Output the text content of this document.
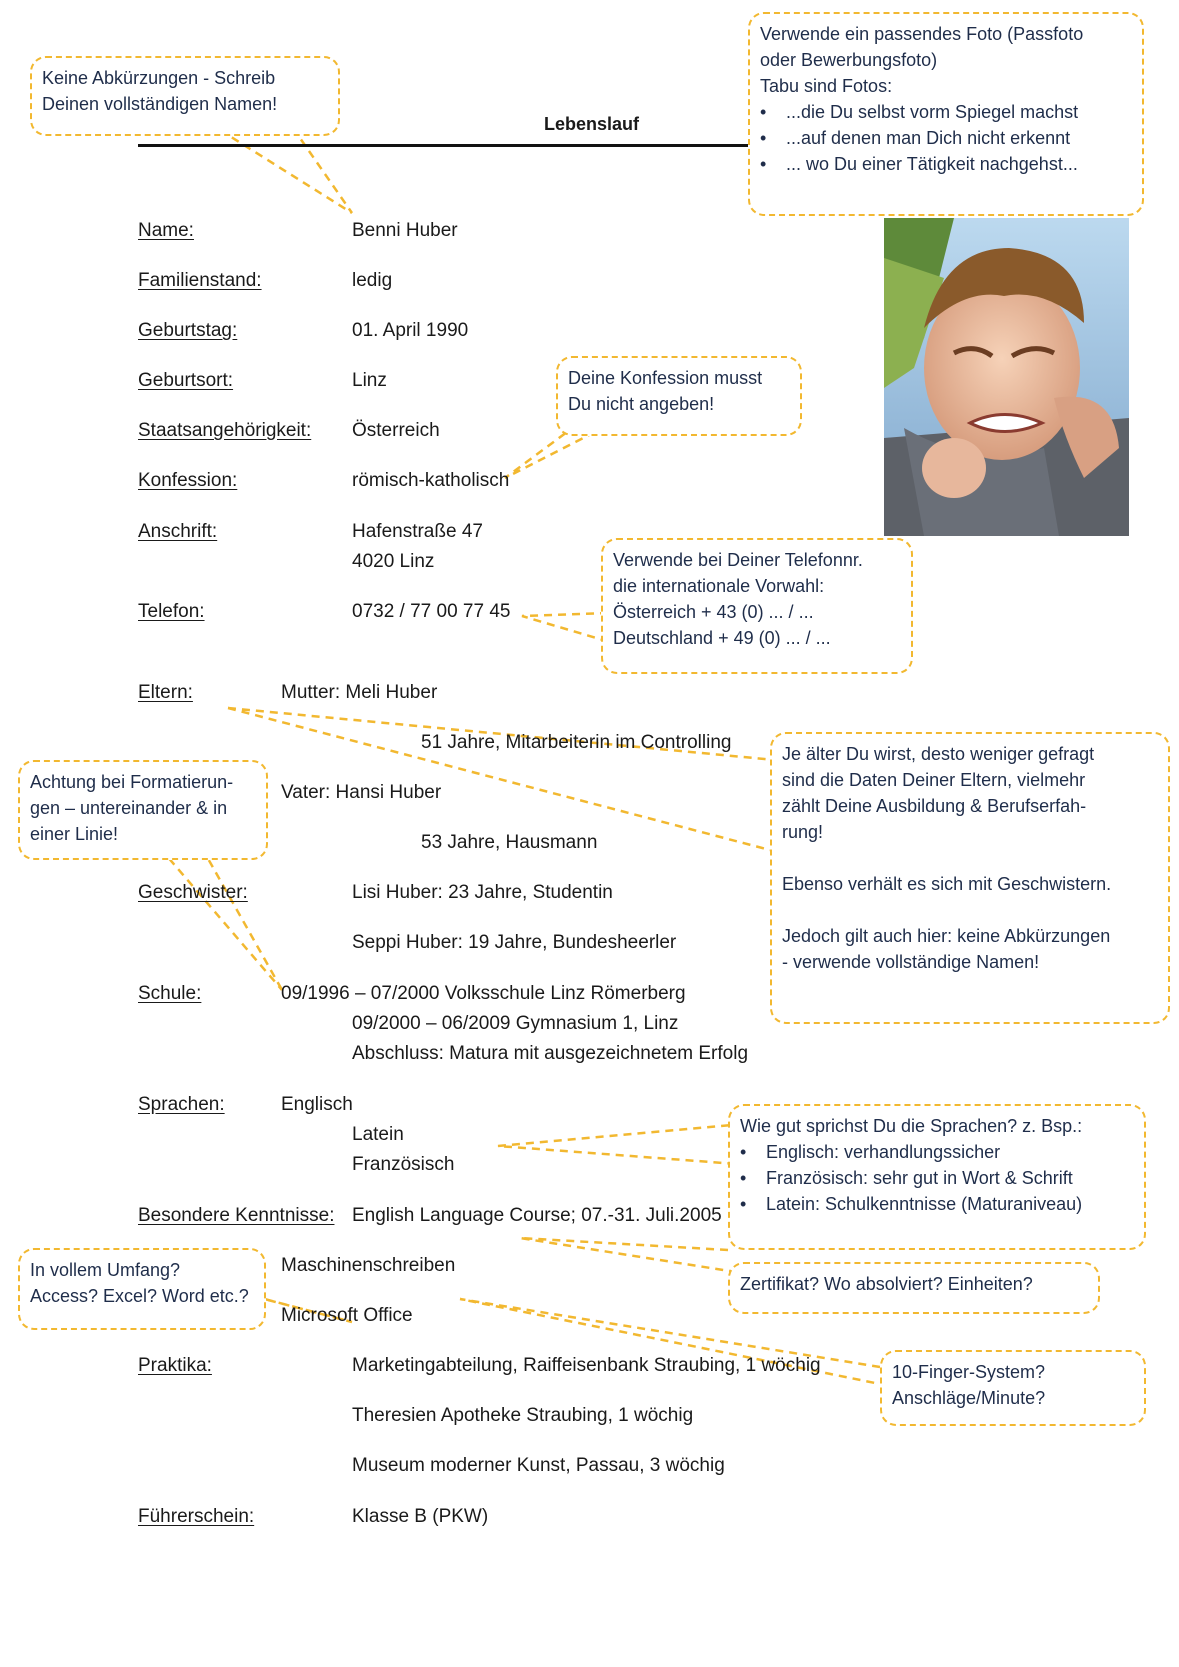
Lebenslauf
Name:	Benni Huber
Familienstand:	ledig
Geburtstag:	01. April 1990
Geburtsort:	Linz
Staatsangehörigkeit: Österreich
Konfession:	römisch-katholisch
Anschrift:	Hafenstraße 47
4020 Linz
Telefon:	0732 / 77 00 77 45
Eltern:	Mutter: Meli Huber
51 Jahre, Mitarbeiterin im Controlling
Vater: Hansi Huber
53 Jahre, Hausmann
Geschwister:	Lisi Huber: 23 Jahre, Studentin
Seppi Huber: 19 Jahre, Bundesheerler
Schule:	09/1996 – 07/2000 Volksschule Linz Römerberg
09/2000 – 06/2009 Gymnasium 1, Linz
Abschluss: Matura mit ausgezeichnetem Erfolg
Sprachen:	Englisch
Latein
Französisch
Besondere Kenntnisse: English Language Course; 07.-31. Juli.2005
Maschinenschreiben
Microsoft Office
Praktika:	Marketingabteilung, Raiffeisenbank Straubing, 1 wöchig
Theresien Apotheke Straubing, 1 wöchig
Museum moderner Kunst, Passau, 3 wöchig
Führerschein:	Klasse B (PKW)
Keine Abkürzungen - Schreib
Deinen vollständigen Namen!
Verwende ein passendes Foto (Passfoto
oder Bewerbungsfoto)
Tabu sind Fotos:
• ...die Du selbst vorm Spiegel machst
• ...auf denen man Dich nicht erkennt
• ... wo Du einer Tätigkeit nachgehst...
Deine Konfession musst
Du nicht angeben!
Verwende bei Deiner Telefonnr.
die internationale Vorwahl:
Österreich + 43 (0) ... / ...
Deutschland + 49 (0) ... / ...
Achtung bei Formatierun-
gen – untereinander & in
einer Linie!
Je älter Du wirst, desto weniger gefragt
sind die Daten Deiner Eltern, vielmehr
zählt Deine Ausbildung & Berufserfah-
rung!
Ebenso verhält es sich mit Geschwistern.
Jedoch gilt auch hier: keine Abkürzungen
- verwende vollständige Namen!
Wie gut sprichst Du die Sprachen? z. Bsp.:
• Englisch: verhandlungssicher
• Französisch: sehr gut in Wort & Schrift
• Latein: Schulkenntnisse (Maturaniveau)
Zertifikat? Wo absolviert? Einheiten?
In vollem Umfang?
Access? Excel? Word etc.?
10-Finger-System?
Anschläge/Minute?
